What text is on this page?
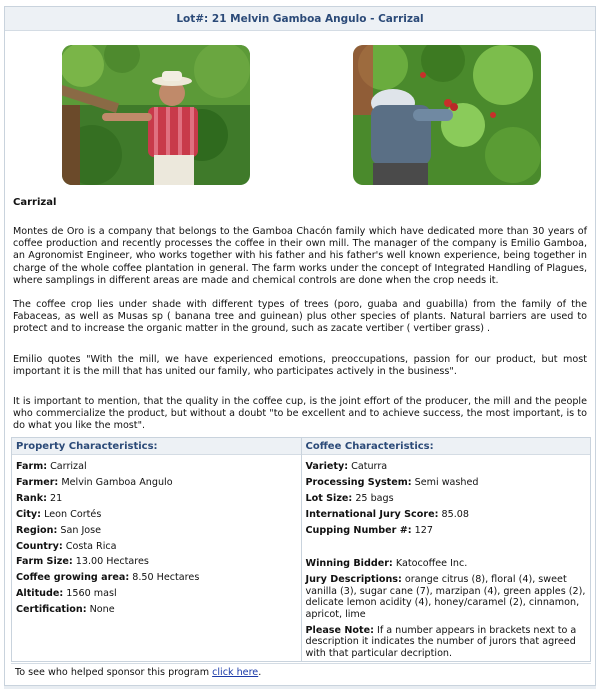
Lot#: 21 Melvin Gamboa Angulo - Carrizal
Carrizal

Montes de Oro is a company that belongs to the Gamboa Chacón family which have dedicated more than 30 years of coffee production and recently processes the coffee in their own mill. The manager of the company is Emilio Gamboa, an Agronomist Engineer, who works together with his father and his father's well known experience, being together in charge of the whole coffee plantation in general. The farm works under the concept of Integrated Handling of Plagues, where samplings in different areas are made and chemical controls are done when the crop needs it.

The coffee crop lies under shade with different types of trees (poro, guaba and guabilla) from the family of the Fabaceas, as well as Musas sp ( banana tree and guinean) plus other species of plants. Natural barriers are used to protect and to increase the organic matter in the ground, such as zacate vertiber ( vertiber grass) .

Emilio quotes "With the mill, we have experienced emotions, preoccupations, passion for our product, but most important it is the mill that has united our family, who participates actively in the business".

It is important to mention, that the quality in the coffee cup, is the joint effort of the producer, the mill and the people who commercialize the product, but without a doubt "to be excellent and to achieve success, the most important, is to do what you like the most".

Property Characteristics:
Farm: Carrizal
Farmer: Melvin Gamboa Angulo
Rank: 21
City: Leon Cortés
Region: San Jose
Country: Costa Rica
Farm Size: 13.00 Hectares
Coffee growing area: 8.50 Hectares
Altitude: 1560 masl
Certification: None
Coffee Characteristics:
Variety: Caturra
Processing System: Semi washed
Lot Size: 25 bags
International Jury Score: 85.08
Cupping Number #: 127
Winning Bidder: Katocoffee Inc.
Jury Descriptions: orange citrus (8), floral (4), sweet vanilla (3), sugar cane (7), marzipan (4), green apples (2), delicate lemon acidity (4), honey/caramel (2), cinnamon, apricot, lime
Please Note: If a number appears in brackets next to a description it indicates the number of jurors that agreed with that particular decription.
To see who helped sponsor this program click here.
